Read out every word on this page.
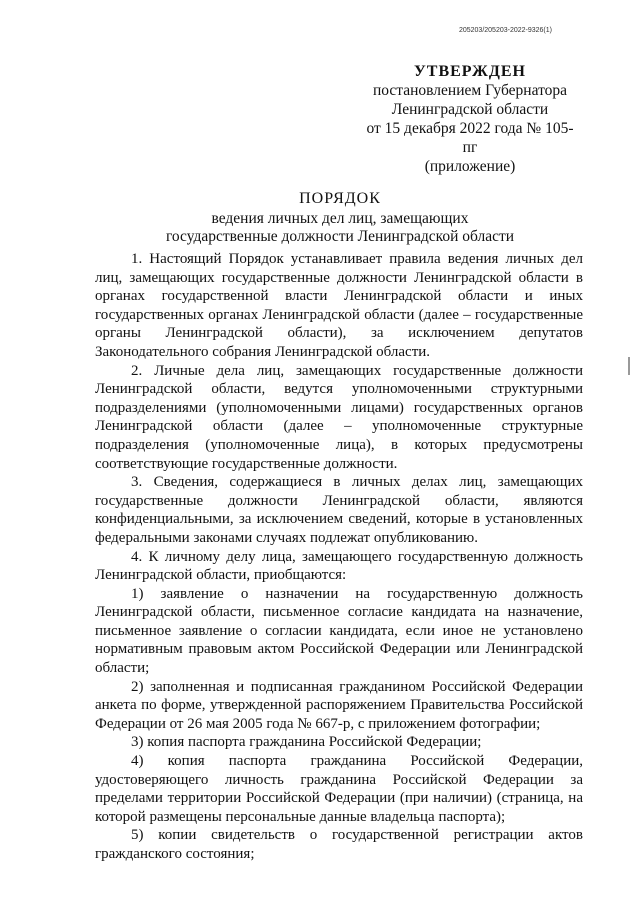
205203/205203-2022-9326(1)
УТВЕРЖДЕН
постановлением Губернатора
Ленинградской области
от 15 декабря 2022 года № 105-пг
(приложение)
ПОРЯДОК
ведения личных дел лиц, замещающих
государственные должности Ленинградской области

1. Настоящий Порядок устанавливает правила ведения личных дел лиц, замещающих государственные должности Ленинградской области в органах государственной власти Ленинградской области и иных государственных органах Ленинградской области (далее – государственные органы Ленинградской области), за исключением депутатов Законодательного собрания Ленинградской области.

2. Личные дела лиц, замещающих государственные должности Ленинградской области, ведутся уполномоченными структурными подразделениями (уполномоченными лицами) государственных органов Ленинградской области (далее – уполномоченные структурные подразделения (уполномоченные лица), в которых предусмотрены соответствующие государственные должности.

3. Сведения, содержащиеся в личных делах лиц, замещающих государственные должности Ленинградской области, являются конфиденциальными, за исключением сведений, которые в установленных федеральными законами случаях подлежат опубликованию.

4. К личному делу лица, замещающего государственную должность Ленинградской области, приобщаются:

1) заявление о назначении на государственную должность Ленинградской области, письменное согласие кандидата на назначение, письменное заявление о согласии кандидата, если иное не установлено нормативным правовым актом Российской Федерации или Ленинградской области;

2) заполненная и подписанная гражданином Российской Федерации анкета по форме, утвержденной распоряжением Правительства Российской Федерации от 26 мая 2005 года № 667-р, с приложением фотографии;

3) копия паспорта гражданина Российской Федерации;

4) копия паспорта гражданина Российской Федерации, удостоверяющего личность гражданина Российской Федерации за пределами территории Российской Федерации (при наличии) (страница, на которой размещены персональные данные владельца паспорта);

5) копии свидетельств о государственной регистрации актов гражданского состояния;
